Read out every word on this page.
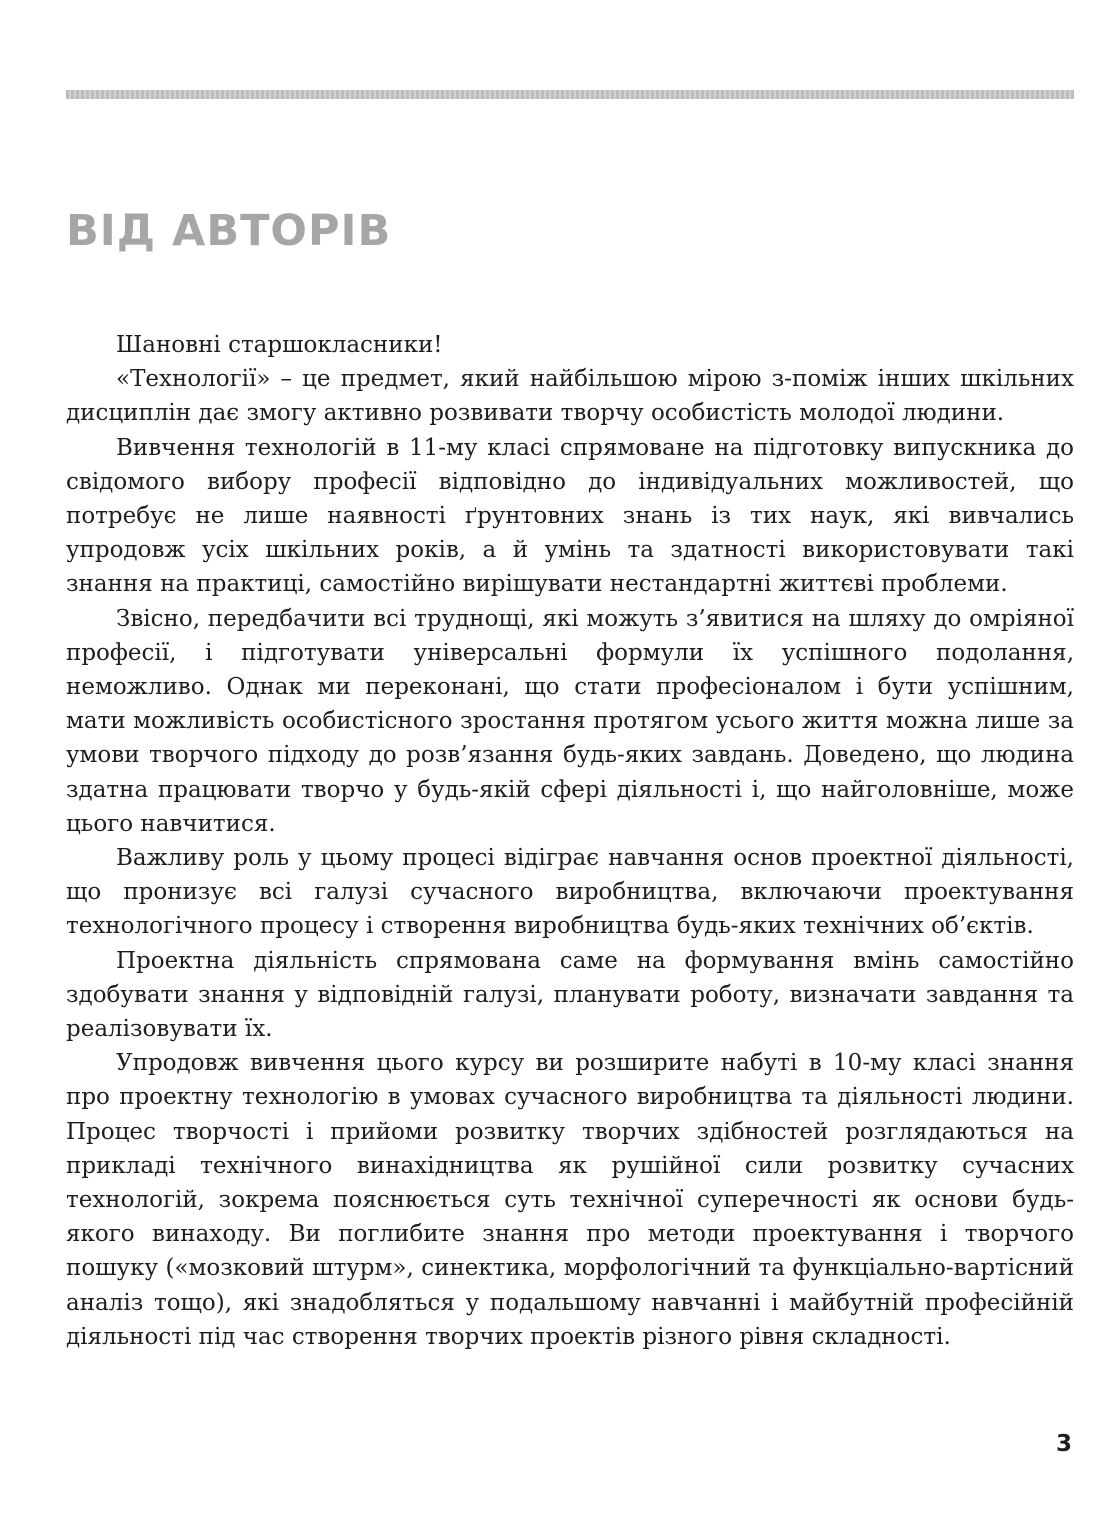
ВІД АВТОРІВ

Шановні старшокласники!

«Технології» – це предмет, який найбільшою мірою з-поміж інших шкільних дисциплін дає змогу активно розвивати творчу особистість молодої людини.

Вивчення технологій в 11-му класі спрямоване на підготовку випускника до свідомого вибору професії відповідно до індивідуальних можливостей, що потребує не лише наявності ґрунтовних знань із тих наук, які вивчались упродовж усіх шкільних років, а й умінь та здатності використовувати такі знання на практиці, самостійно вирішувати нестандартні життєві проблеми.

Звісно, передбачити всі труднощі, які можуть з’явитися на шляху до омріяної професії, і підготувати універсальні формули їх успішного подолання, неможливо. Однак ми переконані, що стати професіоналом і бути успішним, мати можливість особистісного зростання протягом усього життя можна лише за умови творчого підходу до розв’язання будь-яких завдань. Доведено, що людина здатна працювати творчо у будь-якій сфері діяльності і, що найголовніше, може цього навчитися.

Важливу роль у цьому процесі відіграє навчання основ проектної діяльності, що пронизує всі галузі сучасного виробництва, включаючи проектування технологічного процесу і створення виробництва будь-яких технічних об’єктів.

Проектна діяльність спрямована саме на формування вмінь самостійно здобувати знання у відповідній галузі, планувати роботу, визначати завдання та реалізовувати їх.

Упродовж вивчення цього курсу ви розширите набуті в 10-му класі знання про проектну технологію в умовах сучасного виробництва та діяльності людини. Процес творчості і прийоми розвитку творчих здібностей розглядаються на прикладі технічного винахідництва як рушійної сили розвитку сучасних технологій, зокрема пояснюється суть технічної суперечності як основи будь-якого винаходу. Ви поглибите знання про методи проектування і творчого пошуку («мозковий штурм», синектика, морфологічний та функціально-вартісний аналіз тощо), які знадобляться у подальшому навчанні і майбутній професійній діяльності під час створення творчих проектів різного рівня складності.

3
